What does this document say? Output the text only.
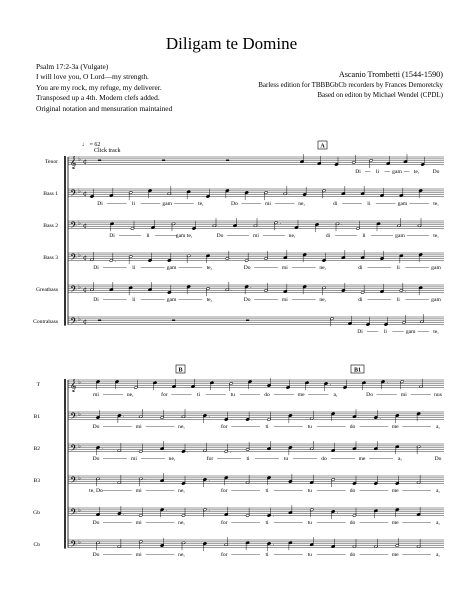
Diligam te Domine
Psalm 17:2-3a (Vulgate)
I will love you, O Lord—my strength.
You are my rock, my refuge, my deliverer.
Transposed up a 4th. Modern clefs added.
Original notation and mensuration maintained
Ascanio Trombetti (1544-1590)
Barless edition for TBBBGbCb recorders by Frances Demoretcky
Based on editon by Michael Wendel (CPDL)
A
♩ = 62
Click track
Tenor 𝄞 ♭ ¢	.
Di	li gam te, Do
Bass 1 𝄢 ♭ ¢	.
Di	li	gam	te,	Do	mi	ne,	di	li	gam	te,
Bass 2 𝄢 ♭ ¢	.	.
Di	li	gam te,	Do	mi	ne,	di	li	gam	te,
Bass 3 𝄢 ♭ ¢	.
Di	li	gam	te,	Do	mi	ne,	di	li	gam
Greatbass 𝄢 ♭ ¢	.	.
.
Di	li	gam	te,	Do	mi	ne,	di	li	gam
Contrabass 𝄢 ♭ ¢	.
Di	li	gam	te,
B	B1
T	𝄞 ♭	.	.
mi	ne,	for	ti	tu	do	me	a,	Do	mi	nus
B1	𝄢 ♭	.	.
.	.	.
Do	mi	ne,	for	ti	tu	do	me	a,
B2	𝄢 ♭	.
.	.	.
Do	mi	ne,	for	ti	tu	do	me	a,	Do
B3	𝄢 ♭	.	.
te, Do	mi	ne,	for	ti	tu	do	me	a,
Gb	𝄢 ♭	.
.	.
.
.
Do	mi	ne,	for	ti	tu	do	me	a,
Cb	𝄢 ♭	.	.
Do	mi	ne,	for	ti	tu	do	me	a,
